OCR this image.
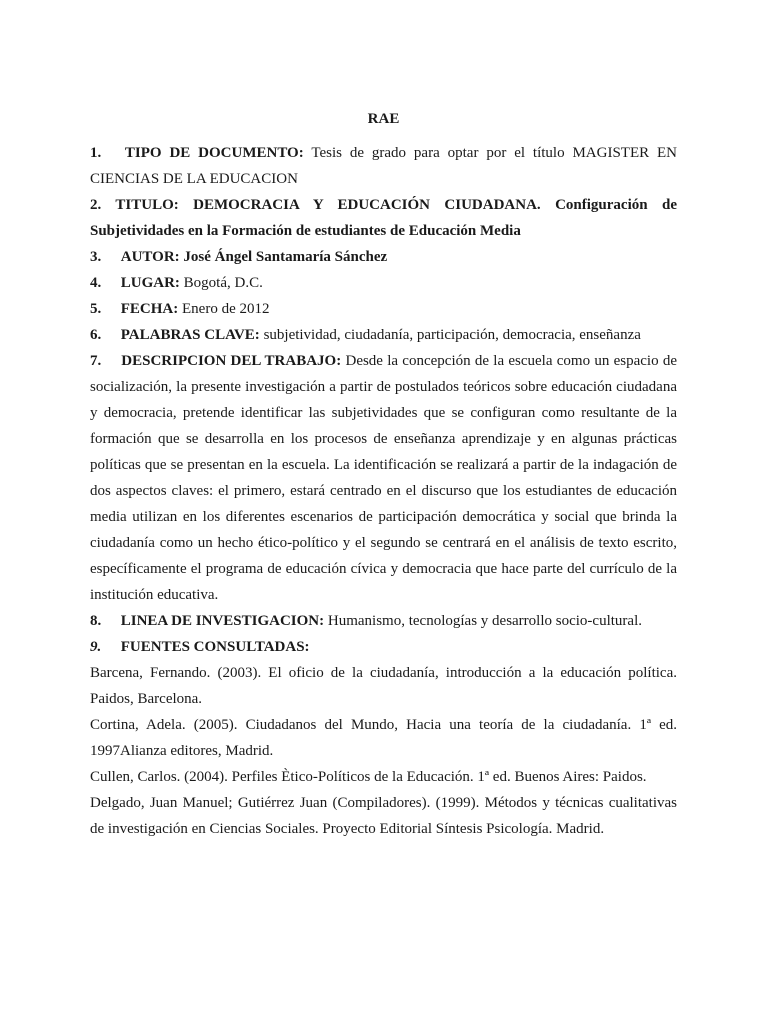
RAE

1. TIPO DE DOCUMENTO: Tesis de grado para optar por el título MAGISTER EN CIENCIAS DE LA EDUCACION

2. TITULO: DEMOCRACIA Y EDUCACIÓN CIUDADANA. Configuración de Subjetividades en la Formación de estudiantes de Educación Media

3. AUTOR: José Ángel Santamaría Sánchez

4. LUGAR: Bogotá, D.C.

5. FECHA: Enero de 2012

6. PALABRAS CLAVE: subjetividad, ciudadanía, participación, democracia, enseñanza

7. DESCRIPCION DEL TRABAJO: Desde la concepción de la escuela como un espacio de socialización, la presente investigación a partir de postulados teóricos sobre educación ciudadana y democracia, pretende identificar las subjetividades que se configuran como resultante de la formación que se desarrolla en los procesos de enseñanza aprendizaje y en algunas prácticas políticas que se presentan en la escuela. La identificación se realizará a partir de la indagación de dos aspectos claves: el primero, estará centrado en el discurso que los estudiantes de educación media utilizan en los diferentes escenarios de participación democrática y social que brinda la ciudadanía como un hecho ético-político y el segundo se centrará en el análisis de texto escrito, específicamente el programa de educación cívica y democracia que hace parte del currículo de la institución educativa.

8. LINEA DE INVESTIGACION: Humanismo, tecnologías y desarrollo socio-cultural.

9. FUENTES CONSULTADAS:

Barcena, Fernando. (2003). El oficio de la ciudadanía, introducción a la educación política. Paidos, Barcelona.

Cortina, Adela. (2005). Ciudadanos del Mundo, Hacia una teoría de la ciudadanía. 1ª ed. 1997Alianza editores, Madrid.

Cullen, Carlos. (2004). Perfiles Ètico-Políticos de la Educación. 1ª ed. Buenos Aires: Paidos.

Delgado, Juan Manuel; Gutiérrez Juan (Compiladores). (1999). Métodos y técnicas cualitativas de investigación en Ciencias Sociales. Proyecto Editorial Síntesis Psicología. Madrid.
